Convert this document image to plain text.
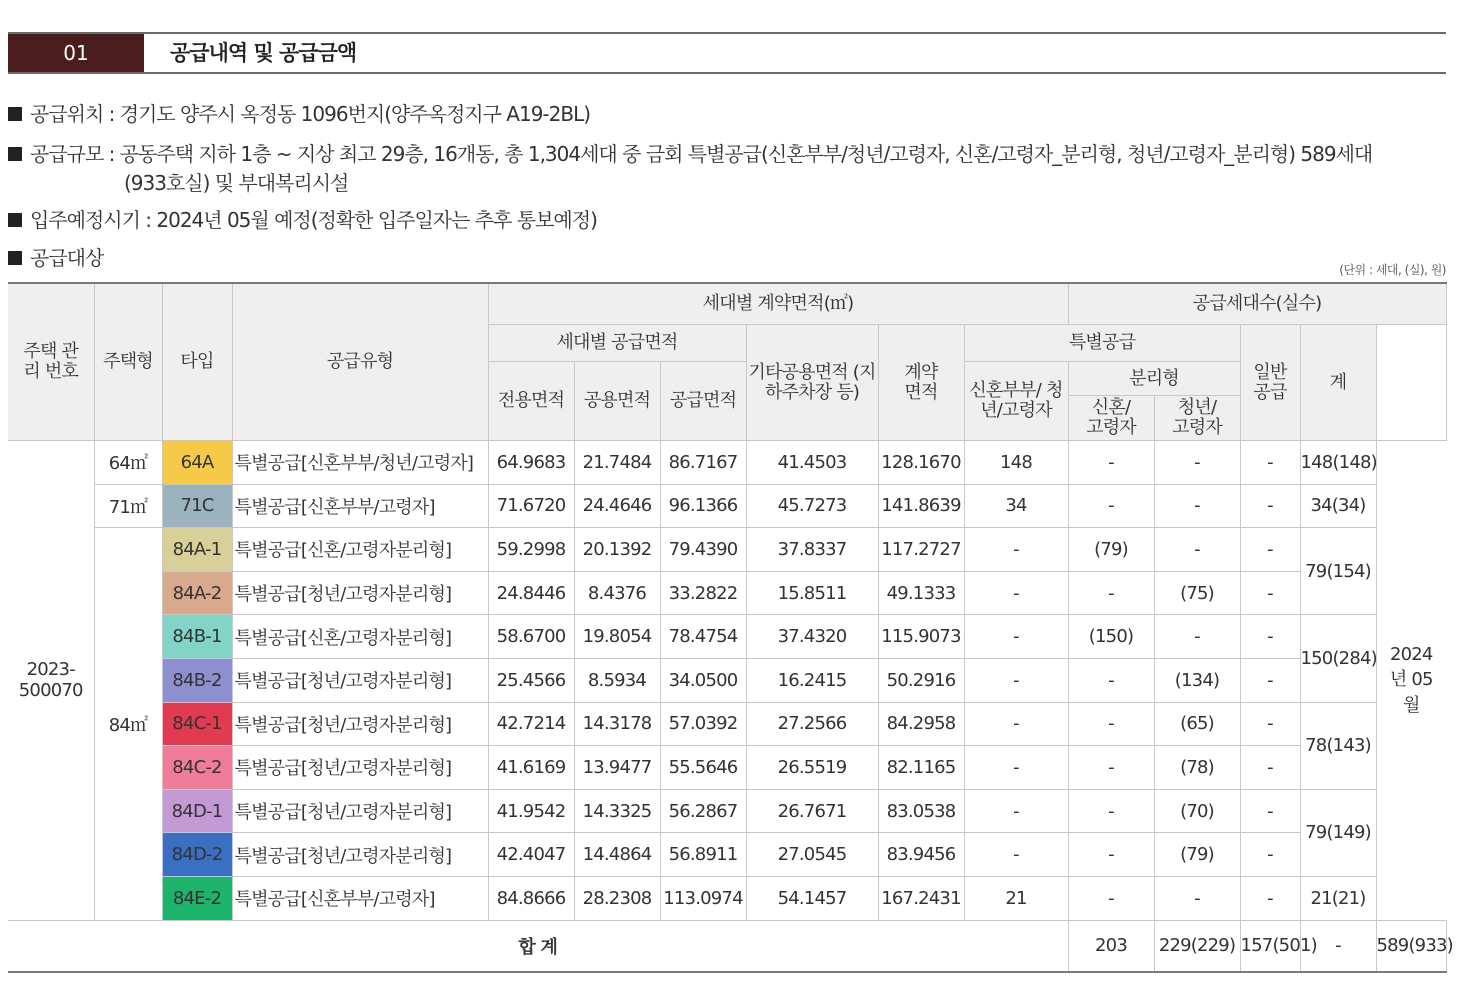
01	공급내역 및 공급금액
공급위치 : 경기도 양주시 옥정동 1096번지(양주옥정지구 A19-2BL)
공급규모 : 공동주택 지하 1층 ~ 지상 최고 29층, 16개동, 총 1,304세대 중 금회 특별공급(신혼부부/청년/고령자, 신혼/고령자_분리형, 청년/고령자_분리형) 589세대
(933호실) 및 부대복리시설
입주예정시기 : 2024년 05월 예정(정확한 입주일자는 추후 통보예정)
공급대상	(단위 : 세대, (실), 원)
주택 관리 번호	주택형	타입	공급유형	세대별 계약면적(㎡)						공급세대수(실수)	
				세대별 공급면적			기타공용면적 (지하주차장 등)	계약 면적	특별공급			일반 공급	계		
				전용면적	공용면적	공급면적			신혼부부/ 청년/고령자	분리형					
										신혼/ 고령자	청년/ 고령자				
2023- 500070	64㎡	64A	특별공급[신혼부부/청년/고령자]	64.9683	21.7484	86.7167	41.4503	128.1670	148	-	-	-	148(148)	2024년 05월	
	71㎡	71C	특별공급[신혼부부/고령자]	71.6720	24.4646	96.1366	45.7273	141.8639	34	-	-	-	34(34)		
	84㎡	84A-1	특별공급[신혼/고령자분리형]	59.2998	20.1392	79.4390	37.8337	117.2727	-	(79)	-	-	79(154)		
		84A-2	특별공급[청년/고령자분리형]	24.8446	8.4376	33.2822	15.8511	49.1333	-	-	(75)	-			
		84B-1	특별공급[신혼/고령자분리형]	58.6700	19.8054	78.4754	37.4320	115.9073	-	(150)	-	-	150(284)		
		84B-2	특별공급[청년/고령자분리형]	25.4566	8.5934	34.0500	16.2415	50.2916	-	-	(134)	-			
		84C-1	특별공급[청년/고령자분리형]	42.7214	14.3178	57.0392	27.2566	84.2958	-	-	(65)	-	78(143)		
		84C-2	특별공급[청년/고령자분리형]	41.6169	13.9477	55.5646	26.5519	82.1165	-	-	(78)	-			
		84D-1	특별공급[청년/고령자분리형]	41.9542	14.3325	56.2867	26.7671	83.0538	-	-	(70)	-	79(149)		
		84D-2	특별공급[청년/고령자분리형]	42.4047	14.4864	56.8911	27.0545	83.9456	-	-	(79)	-			
		84E-2	특별공급[신혼부부/고령자]	84.8666	28.2308	113.0974	54.1457	167.2431	21	-	-	-	21(21)		
합 계										203	229(229)	157(501)	-	589(933)	
